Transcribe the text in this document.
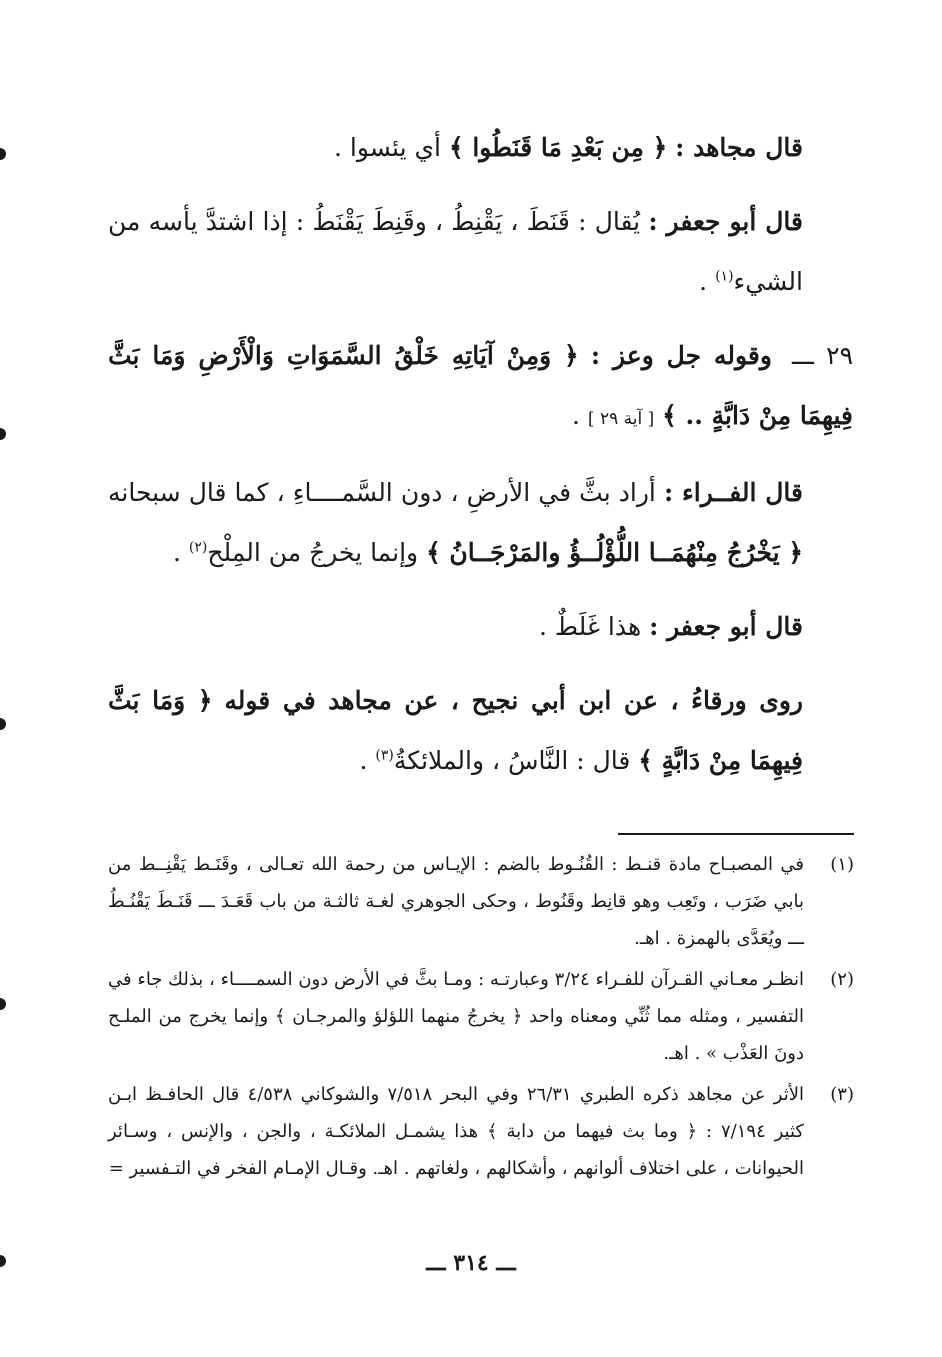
قال مجاهد : ﴿ مِن بَعْدِ مَا قَنَطُوا ﴾ أي يئسوا .

قال أبو جعفر : يُقال : قَنَطَ ، يَقْنِطُ ، وقَنِطَ يَقْنَطُ : إذا اشتدَّ يأسه من الشيء$^{(١)}$ .

٢٩ ـــ وقوله جل وعز : ﴿ وَمِنْ آيَاتِهِ خَلْقُ السَّمَوَاتِ وَالْأَرْضِ وَمَا بَثَّ فِيهِمَا مِنْ دَابَّةٍ .. ﴾ [ آية ٢٩ ] .

قال الفــراء : أراد بثَّ في الأرضِ ، دون السَّمــــاءِ ، كما قال سبحانه ﴿ يَخْرُجُ مِنْهُمَــا اللُّؤْلُــؤُ والمَرْجَــانُ ﴾ وإنما يخرجُ من المِلْح$^{(٢)}$ .

قال أبو جعفر : هذا غَلَطٌ .

روى ورقاءُ ، عن ابن أبي نجيح ، عن مجاهد في قوله ﴿ وَمَا بَثَّ فِيهِمَا مِنْ دَابَّةٍ ﴾ قال : النَّاسُ ، والملائكةُ$^{(٣)}$ .

(١)
في المصبـاح مادة قنـط : القُنُـوط بالضم : الإيـاس من رحمة الله تعـالى ، وقَنَـط يَقْنِــط من بابي ضَرَب ، وتَعِب وهو قانِط وقَنُوط ، وحكى الجوهري لغـة ثالثـة من باب قَعَـدَ ـــ قَنَـطَ يَقْنُـطُ ـــ ويُعَدَّى بالهمزة . اهـ.
(٢)
انظـر معـاني القـرآن للفـراء ٣/٢٤ وعبارتـه : ومـا بثَّ في الأرض دون السمــــاء ، بذلك جاء في التفسير ، ومثله مما ثُنِّي ومعناه واحد ﴿ يخرجُ منهما اللؤلؤ والمرجـان ﴾ وإنما يخرج من الملـح دونَ العَذْب » . اهـ.
(٣)
الأثر عن مجاهد ذكره الطبري ٢٦/٣١ وفي البحر ٧/٥١٨ والشوكاني ٤/٥٣٨ قال الحافـظ ابـن كثير ٧/١٩٤ : ﴿ وما بث فيهما من دابة ﴾ هذا يشمـل الملائكـة ، والجن ، والإنس ، وسـائر الحيوانات ، على اختلاف ألوانهم ، وأشكالهم ، ولغاتهم . اهـ. وقـال الإمـام الفخر في التـفسير =
ـــ ٣١٤ ـــ
